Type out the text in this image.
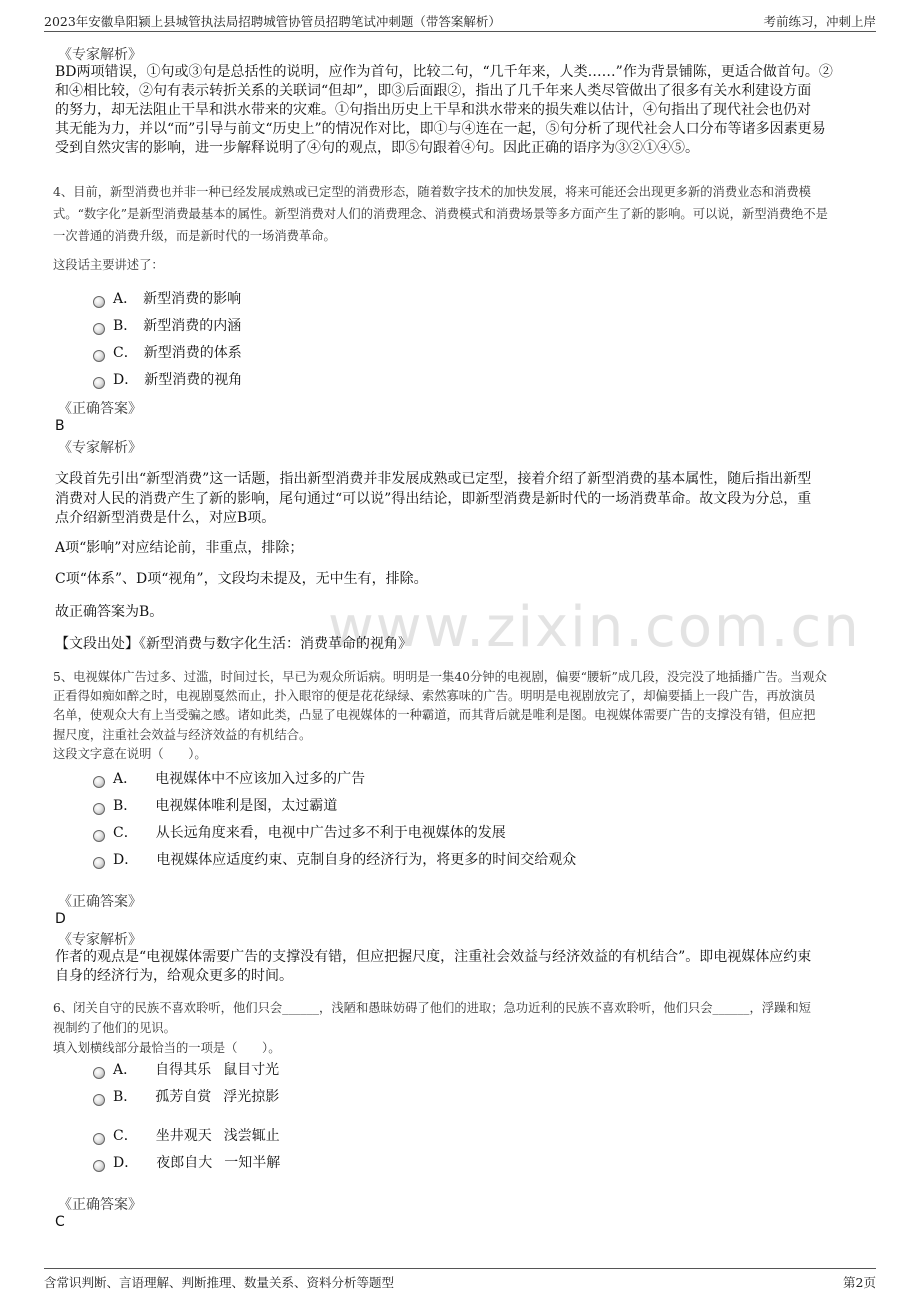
2023年安徽阜阳颍上县城管执法局招聘城管协管员招聘笔试冲刺题（带答案解析）	考前练习，冲刺上岸
www.zixin.com.cn
《专家解析》
BD两项错误，①句或③句是总括性的说明，应作为首句，比较二句，“几千年来，人类……”作为背景铺陈，更适合做首句。②
和④相比较，②句有表示转折关系的关联词“但却”，即③后面跟②，指出了几千年来人类尽管做出了很多有关水利建设方面
的努力，却无法阻止干旱和洪水带来的灾难。①句指出历史上干旱和洪水带来的损失难以估计，④句指出了现代社会也仍对
其无能为力，并以“而”引导与前文“历史上”的情况作对比，即①与④连在一起，⑤句分析了现代社会人口分布等诸多因素更易
受到自然灾害的影响，进一步解释说明了④句的观点，即⑤句跟着④句。因此正确的语序为③②①④⑤。
4、目前，新型消费也并非一种已经发展成熟或已定型的消费形态，随着数字技术的加快发展，将来可能还会出现更多新的消费业态和消费模
式。“数字化”是新型消费最基本的属性。新型消费对人们的消费理念、消费模式和消费场景等多方面产生了新的影响。可以说，新型消费绝不是
一次普通的消费升级，而是新时代的一场消费革命。
这段话主要讲述了：
A． 新型消费的影响
B． 新型消费的内涵
C． 新型消费的体系
D． 新型消费的视角
《正确答案》
B
《专家解析》
文段首先引出“新型消费”这一话题，指出新型消费并非发展成熟或已定型，接着介绍了新型消费的基本属性，随后指出新型
消费对人民的消费产生了新的影响，尾句通过“可以说”得出结论，即新型消费是新时代的一场消费革命。故文段为分总，重
点介绍新型消费是什么，对应B项。
A项“影响”对应结论前，非重点，排除；
C项“体系”、D项“视角”，文段均未提及，无中生有，排除。
故正确答案为B。
【文段出处】《新型消费与数字化生活：消费革命的视角》
5、电视媒体广告过多、过滥，时间过长，早已为观众所诟病。明明是一集40分钟的电视剧，偏要“腰斩”成几段，没完没了地插播广告。当观众
正看得如痴如醉之时，电视剧戛然而止，扑入眼帘的便是花花绿绿、索然寡味的广告。明明是电视剧放完了，却偏要插上一段广告，再放演员
名单，使观众大有上当受骗之感。诸如此类，凸显了电视媒体的一种霸道，而其背后就是唯利是图。电视媒体需要广告的支撑没有错，但应把
握尺度，注重社会效益与经济效益的有机结合。
这段文字意在说明（　　）。
A． 电视媒体中不应该加入过多的广告
B． 电视媒体唯利是图，太过霸道
C． 从长远角度来看，电视中广告过多不利于电视媒体的发展
D． 电视媒体应适度约束、克制自身的经济行为，将更多的时间交给观众
《正确答案》
D
《专家解析》
作者的观点是“电视媒体需要广告的支撑没有错，但应把握尺度，注重社会效益与经济效益的有机结合”。即电视媒体应约束
自身的经济行为，给观众更多的时间。
6、闭关自守的民族不喜欢聆听，他们只会______，浅陋和愚昧妨碍了他们的进取；急功近利的民族不喜欢聆听，他们只会______，浮躁和短
视制约了他们的见识。
填入划横线部分最恰当的一项是（　　）。
A． 自得其乐 鼠目寸光
B． 孤芳自赏 浮光掠影
C． 坐井观天 浅尝辄止
D． 夜郎自大 一知半解
《正确答案》
C
含常识判断、言语理解、判断推理、数量关系、资料分析等题型	第2页
